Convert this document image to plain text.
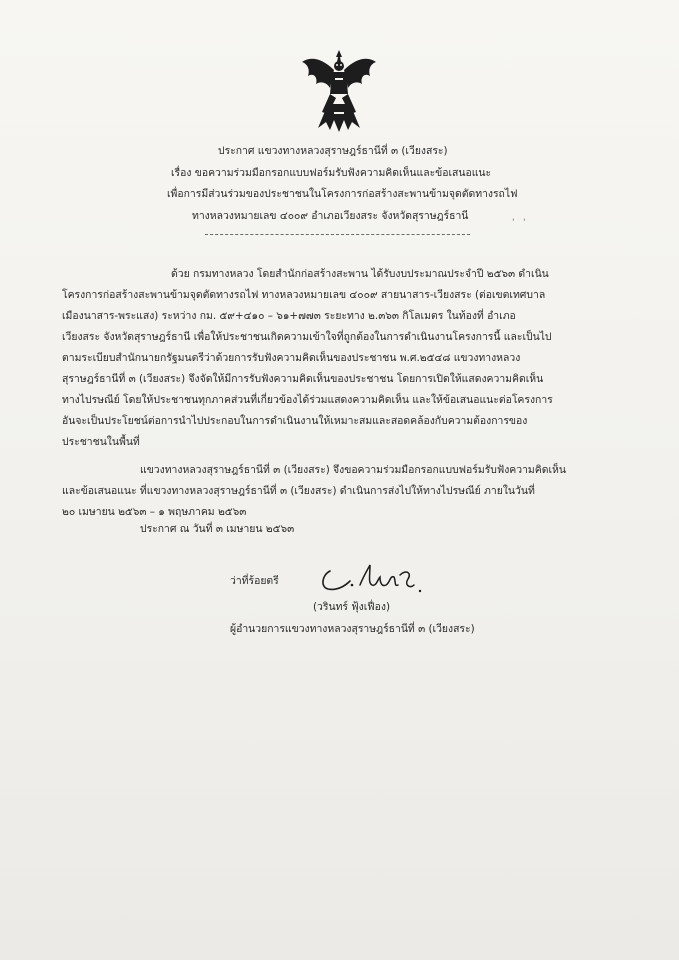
ประกาศ แขวงทางหลวงสุราษฎร์ธานีที่ ๓ (เวียงสระ)
เรื่อง ขอความร่วมมือกรอกแบบฟอร์มรับฟังความคิดเห็นและข้อเสนอแนะ
เพื่อการมีส่วนร่วมของประชาชนในโครงการก่อสร้างสะพานข้ามจุดตัดทางรถไฟ
ทางหลวงหมายเลข ๔๐๐๙ อำเภอเวียงสระ จังหวัดสุราษฎร์ธานี
ꞌ   ꞌ
ด้วย กรมทางหลวง โดยสำนักก่อสร้างสะพาน ได้รับงบประมาณประจำปี ๒๕๖๓ ดำเนิน
โครงการก่อสร้างสะพานข้ามจุดตัดทางรถไฟ ทางหลวงหมายเลข ๔๐๐๙ สายนาสาร-เวียงสระ (ต่อเขตเทศบาล
เมืองนาสาร-พระแสง) ระหว่าง กม. ๕๙+๔๑๐ – ๖๑+๗๗๓ ระยะทาง ๒.๓๖๓ กิโลเมตร ในท้องที่ อำเภอ
เวียงสระ จังหวัดสุราษฎร์ธานี เพื่อให้ประชาชนเกิดความเข้าใจที่ถูกต้องในการดำเนินงานโครงการนี้ และเป็นไป
ตามระเบียบสำนักนายกรัฐมนตรีว่าด้วยการรับฟังความคิดเห็นของประชาชน พ.ศ.๒๕๔๘ แขวงทางหลวง
สุราษฎร์ธานีที่ ๓ (เวียงสระ) จึงจัดให้มีการรับฟังความคิดเห็นของประชาชน โดยการเปิดให้แสดงความคิดเห็น
ทางไปรษณีย์ โดยให้ประชาชนทุกภาคส่วนที่เกี่ยวข้องได้ร่วมแสดงความคิดเห็น และให้ข้อเสนอแนะต่อโครงการ
อันจะเป็นประโยชน์ต่อการนำไปประกอบในการดำเนินงานให้เหมาะสมและสอดคล้องกับความต้องการของ
ประชาชนในพื้นที่
แขวงทางหลวงสุราษฎร์ธานีที่ ๓ (เวียงสระ) จึงขอความร่วมมือกรอกแบบฟอร์มรับฟังความคิดเห็น
และข้อเสนอแนะ ที่แขวงทางหลวงสุราษฎร์ธานีที่ ๓ (เวียงสระ) ดำเนินการส่งไปให้ทางไปรษณีย์ ภายในวันที่
๒๐ เมษายน ๒๕๖๓ – ๑ พฤษภาคม ๒๕๖๓
ประกาศ ณ วันที่ ๓ เมษายน ๒๕๖๓
ว่าที่ร้อยตรี
(วรินทร์ ฟุ้งเฟื่อง)
ผู้อำนวยการแขวงทางหลวงสุราษฎร์ธานีที่ ๓ (เวียงสระ)
